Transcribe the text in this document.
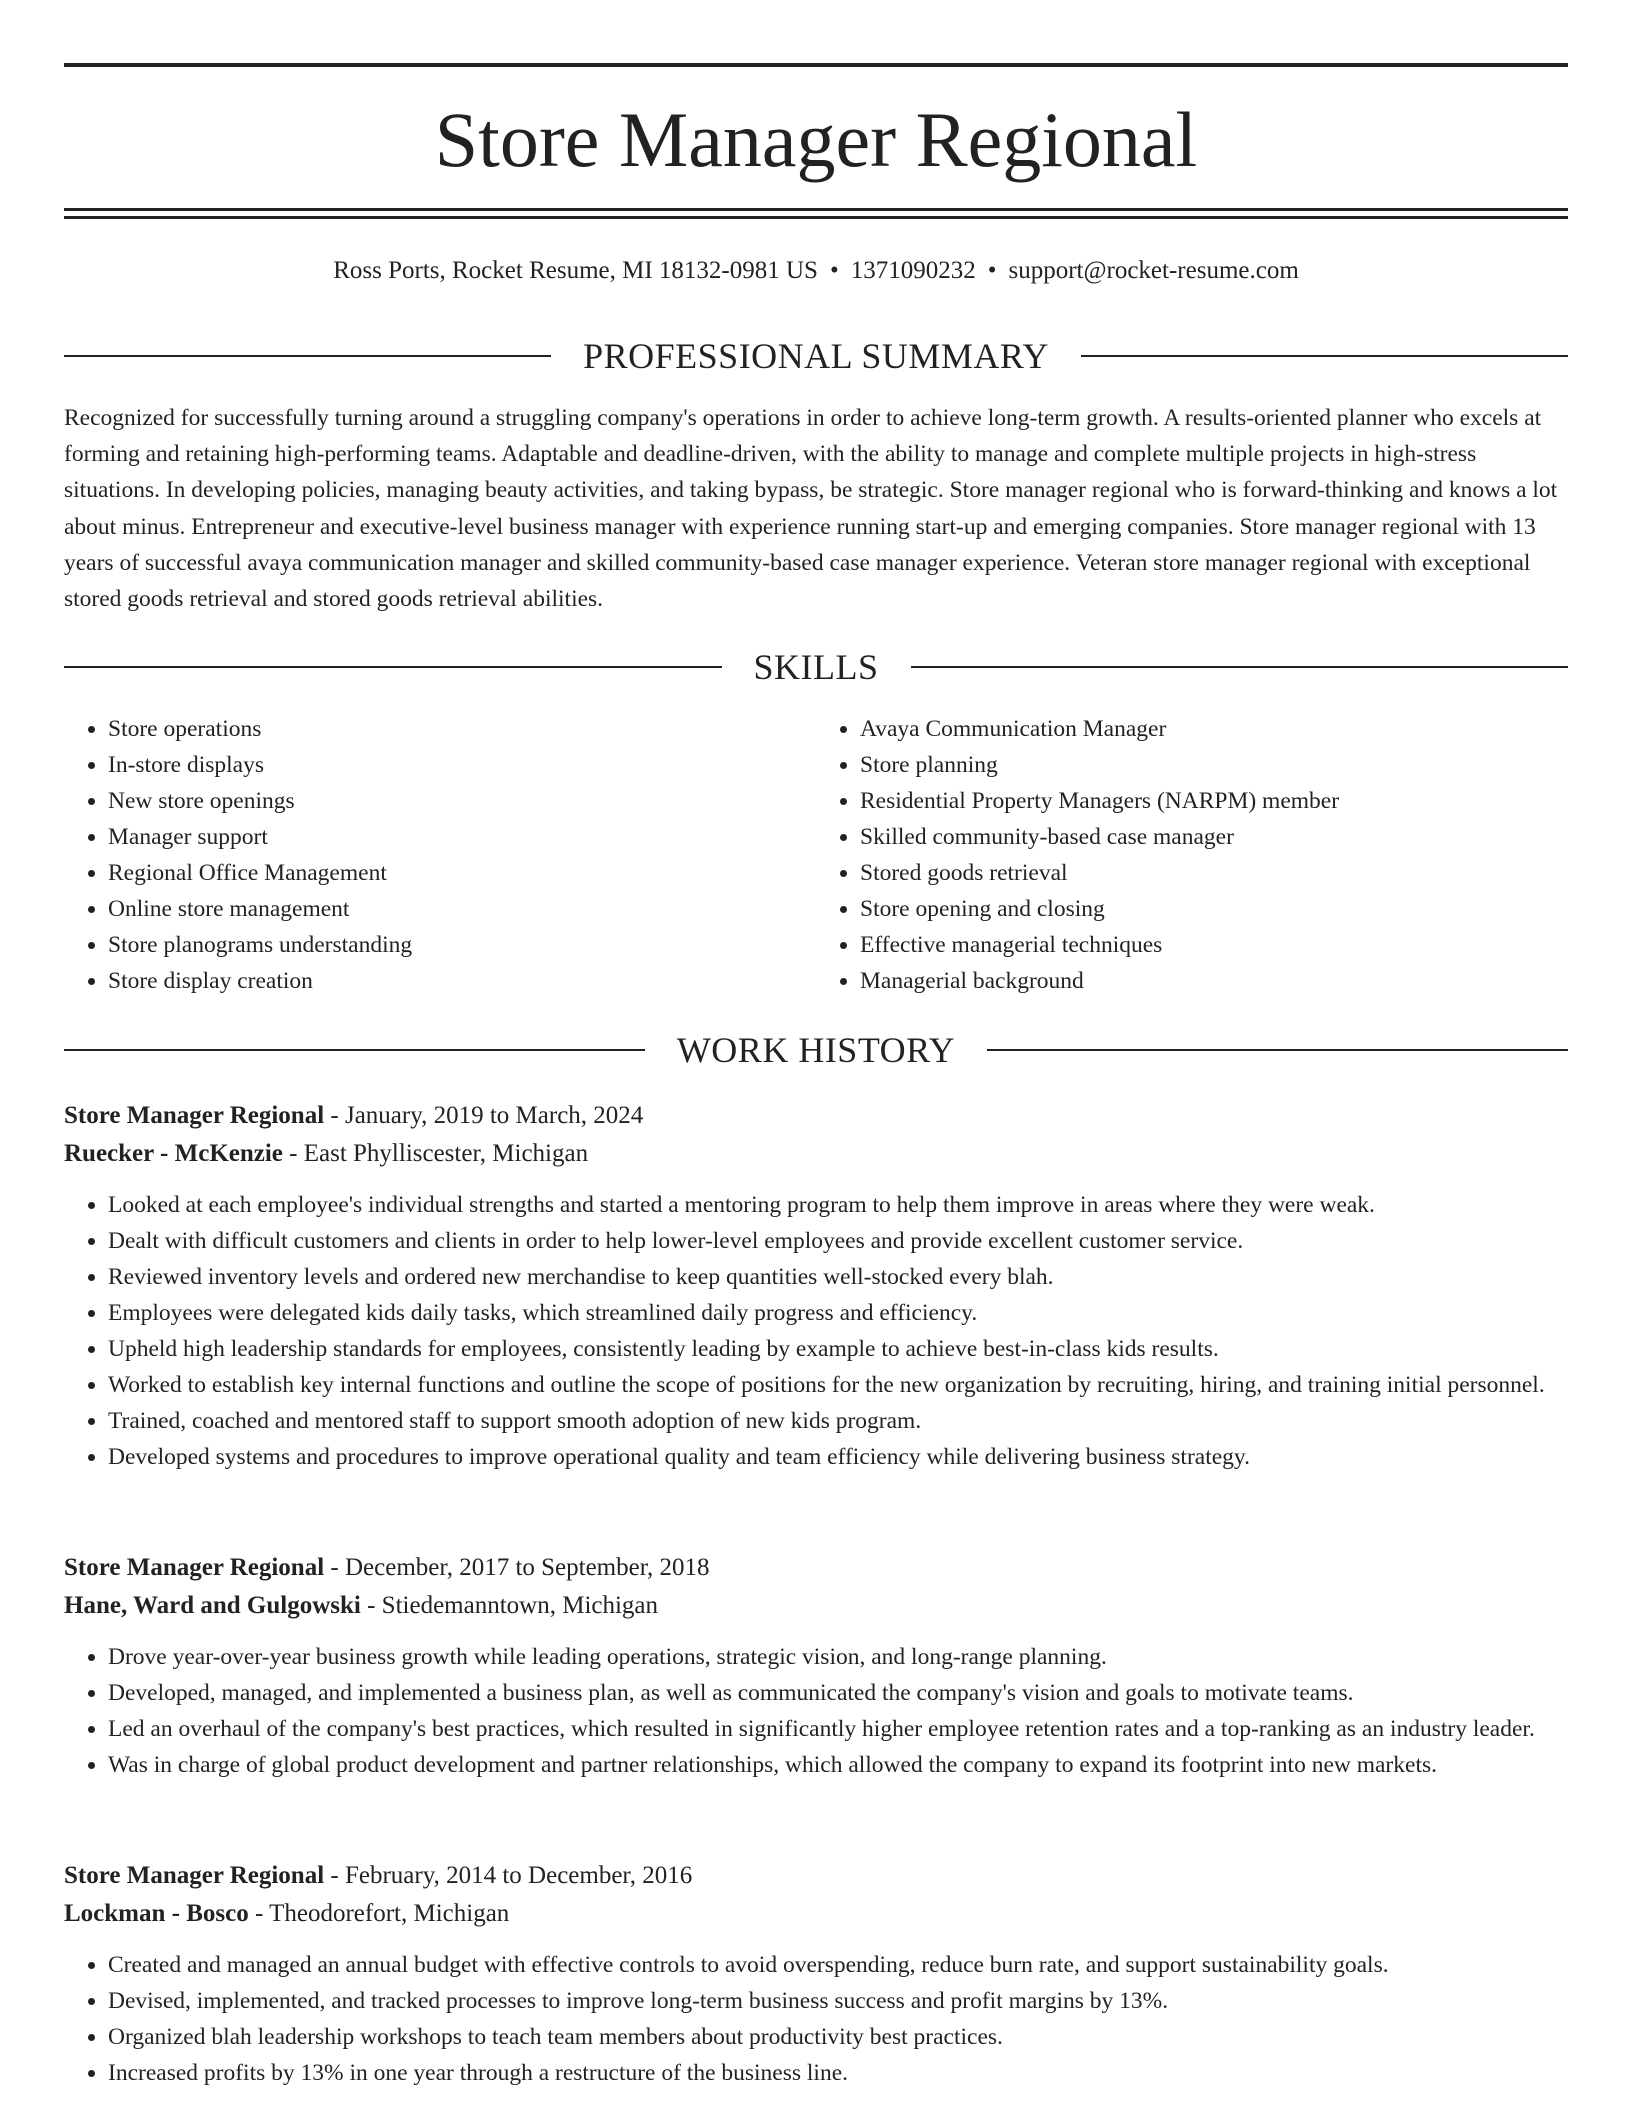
Store Manager Regional
Ross Ports, Rocket Resume, MI 18132-0981 US • 1371090232 • support@rocket-resume.com
PROFESSIONAL SUMMARY

Recognized for successfully turning around a struggling company's operations in order to achieve long-term growth. A results-oriented planner who excels at forming and retaining high-performing teams. Adaptable and deadline-driven, with the ability to manage and complete multiple projects in high-stress situations. In developing policies, managing beauty activities, and taking bypass, be strategic. Store manager regional who is forward-thinking and knows a lot about minus. Entrepreneur and executive-level business manager with experience running start-up and emerging companies. Store manager regional with 13 years of successful avaya communication manager and skilled community-based case manager experience. Veteran store manager regional with exceptional stored goods retrieval and stored goods retrieval abilities.

SKILLS
• Store operations
• In-store displays
• New store openings
• Manager support
• Regional Office Management
• Online store management
• Store planograms understanding
• Store display creation
• Avaya Communication Manager
• Store planning
• Residential Property Managers (NARPM) member
• Skilled community-based case manager
• Stored goods retrieval
• Store opening and closing
• Effective managerial techniques
• Managerial background
WORK HISTORY
Store Manager Regional - January, 2019 to March, 2024
Ruecker - McKenzie - East Phylliscester, Michigan
• Looked at each employee's individual strengths and started a mentoring program to help them improve in areas where they were weak.
• Dealt with difficult customers and clients in order to help lower-level employees and provide excellent customer service.
• Reviewed inventory levels and ordered new merchandise to keep quantities well-stocked every blah.
• Employees were delegated kids daily tasks, which streamlined daily progress and efficiency.
• Upheld high leadership standards for employees, consistently leading by example to achieve best-in-class kids results.
• Worked to establish key internal functions and outline the scope of positions for the new organization by recruiting, hiring, and training initial personnel.
• Trained, coached and mentored staff to support smooth adoption of new kids program.
• Developed systems and procedures to improve operational quality and team efficiency while delivering business strategy.
Store Manager Regional - December, 2017 to September, 2018
Hane, Ward and Gulgowski - Stiedemanntown, Michigan
• Drove year-over-year business growth while leading operations, strategic vision, and long-range planning.
• Developed, managed, and implemented a business plan, as well as communicated the company's vision and goals to motivate teams.
• Led an overhaul of the company's best practices, which resulted in significantly higher employee retention rates and a top-ranking as an industry leader.
• Was in charge of global product development and partner relationships, which allowed the company to expand its footprint into new markets.
Store Manager Regional - February, 2014 to December, 2016
Lockman - Bosco - Theodorefort, Michigan
• Created and managed an annual budget with effective controls to avoid overspending, reduce burn rate, and support sustainability goals.
• Devised, implemented, and tracked processes to improve long-term business success and profit margins by 13%.
• Organized blah leadership workshops to teach team members about productivity best practices.
• Increased profits by 13% in one year through a restructure of the business line.
